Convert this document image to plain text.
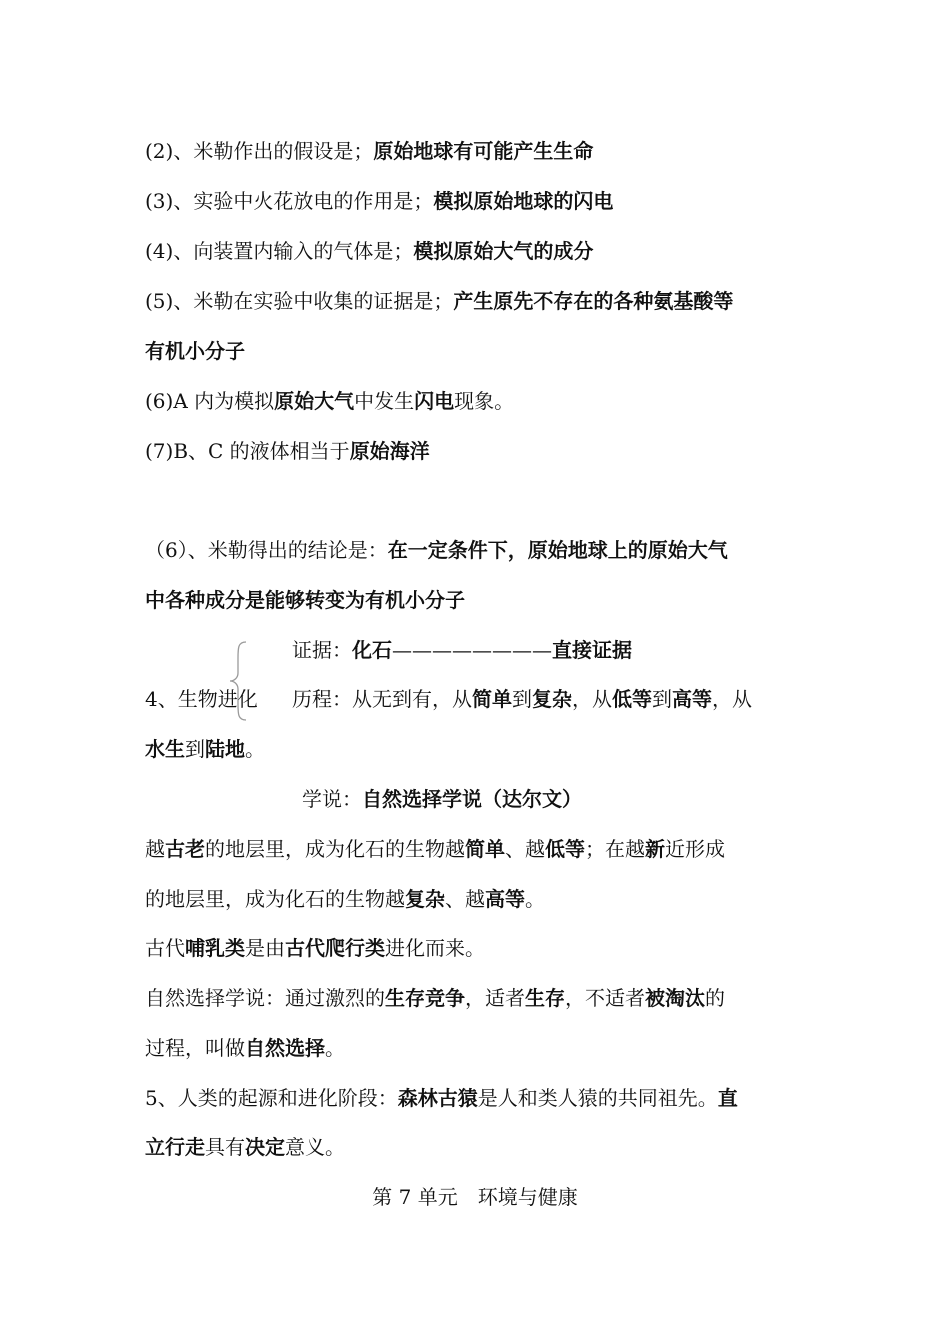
(2)、米勒作出的假设是；原始地球有可能产生生命
(3)、实验中火花放电的作用是；模拟原始地球的闪电
(4)、向装置内输入的气体是；模拟原始大气的成分
(5)、米勒在实验中收集的证据是；产生原先不存在的各种氨基酸等
有机小分子
(6)A 内为模拟原始大气中发生闪电现象。
(7)B、C 的液体相当于原始海洋
（6）、米勒得出的结论是：在一定条件下，原始地球上的原始大气
中各种成分是能够转变为有机小分子
证据：化石————————直接证据
4、生物进化 历程：从无到有，从简单到复杂，从低等到高等，从
水生到陆地。
学说：自然选择学说（达尔文）
越古老的地层里，成为化石的生物越简单、越低等；在越新近形成
的地层里，成为化石的生物越复杂、越高等。
古代哺乳类是由古代爬行类进化而来。
自然选择学说：通过激烈的生存竞争，适者生存，不适者被淘汰的
过程，叫做自然选择。
5、人类的起源和进化阶段：森林古猿是人和类人猿的共同祖先。直
立行走具有决定意义。
第 7 单元　环境与健康
